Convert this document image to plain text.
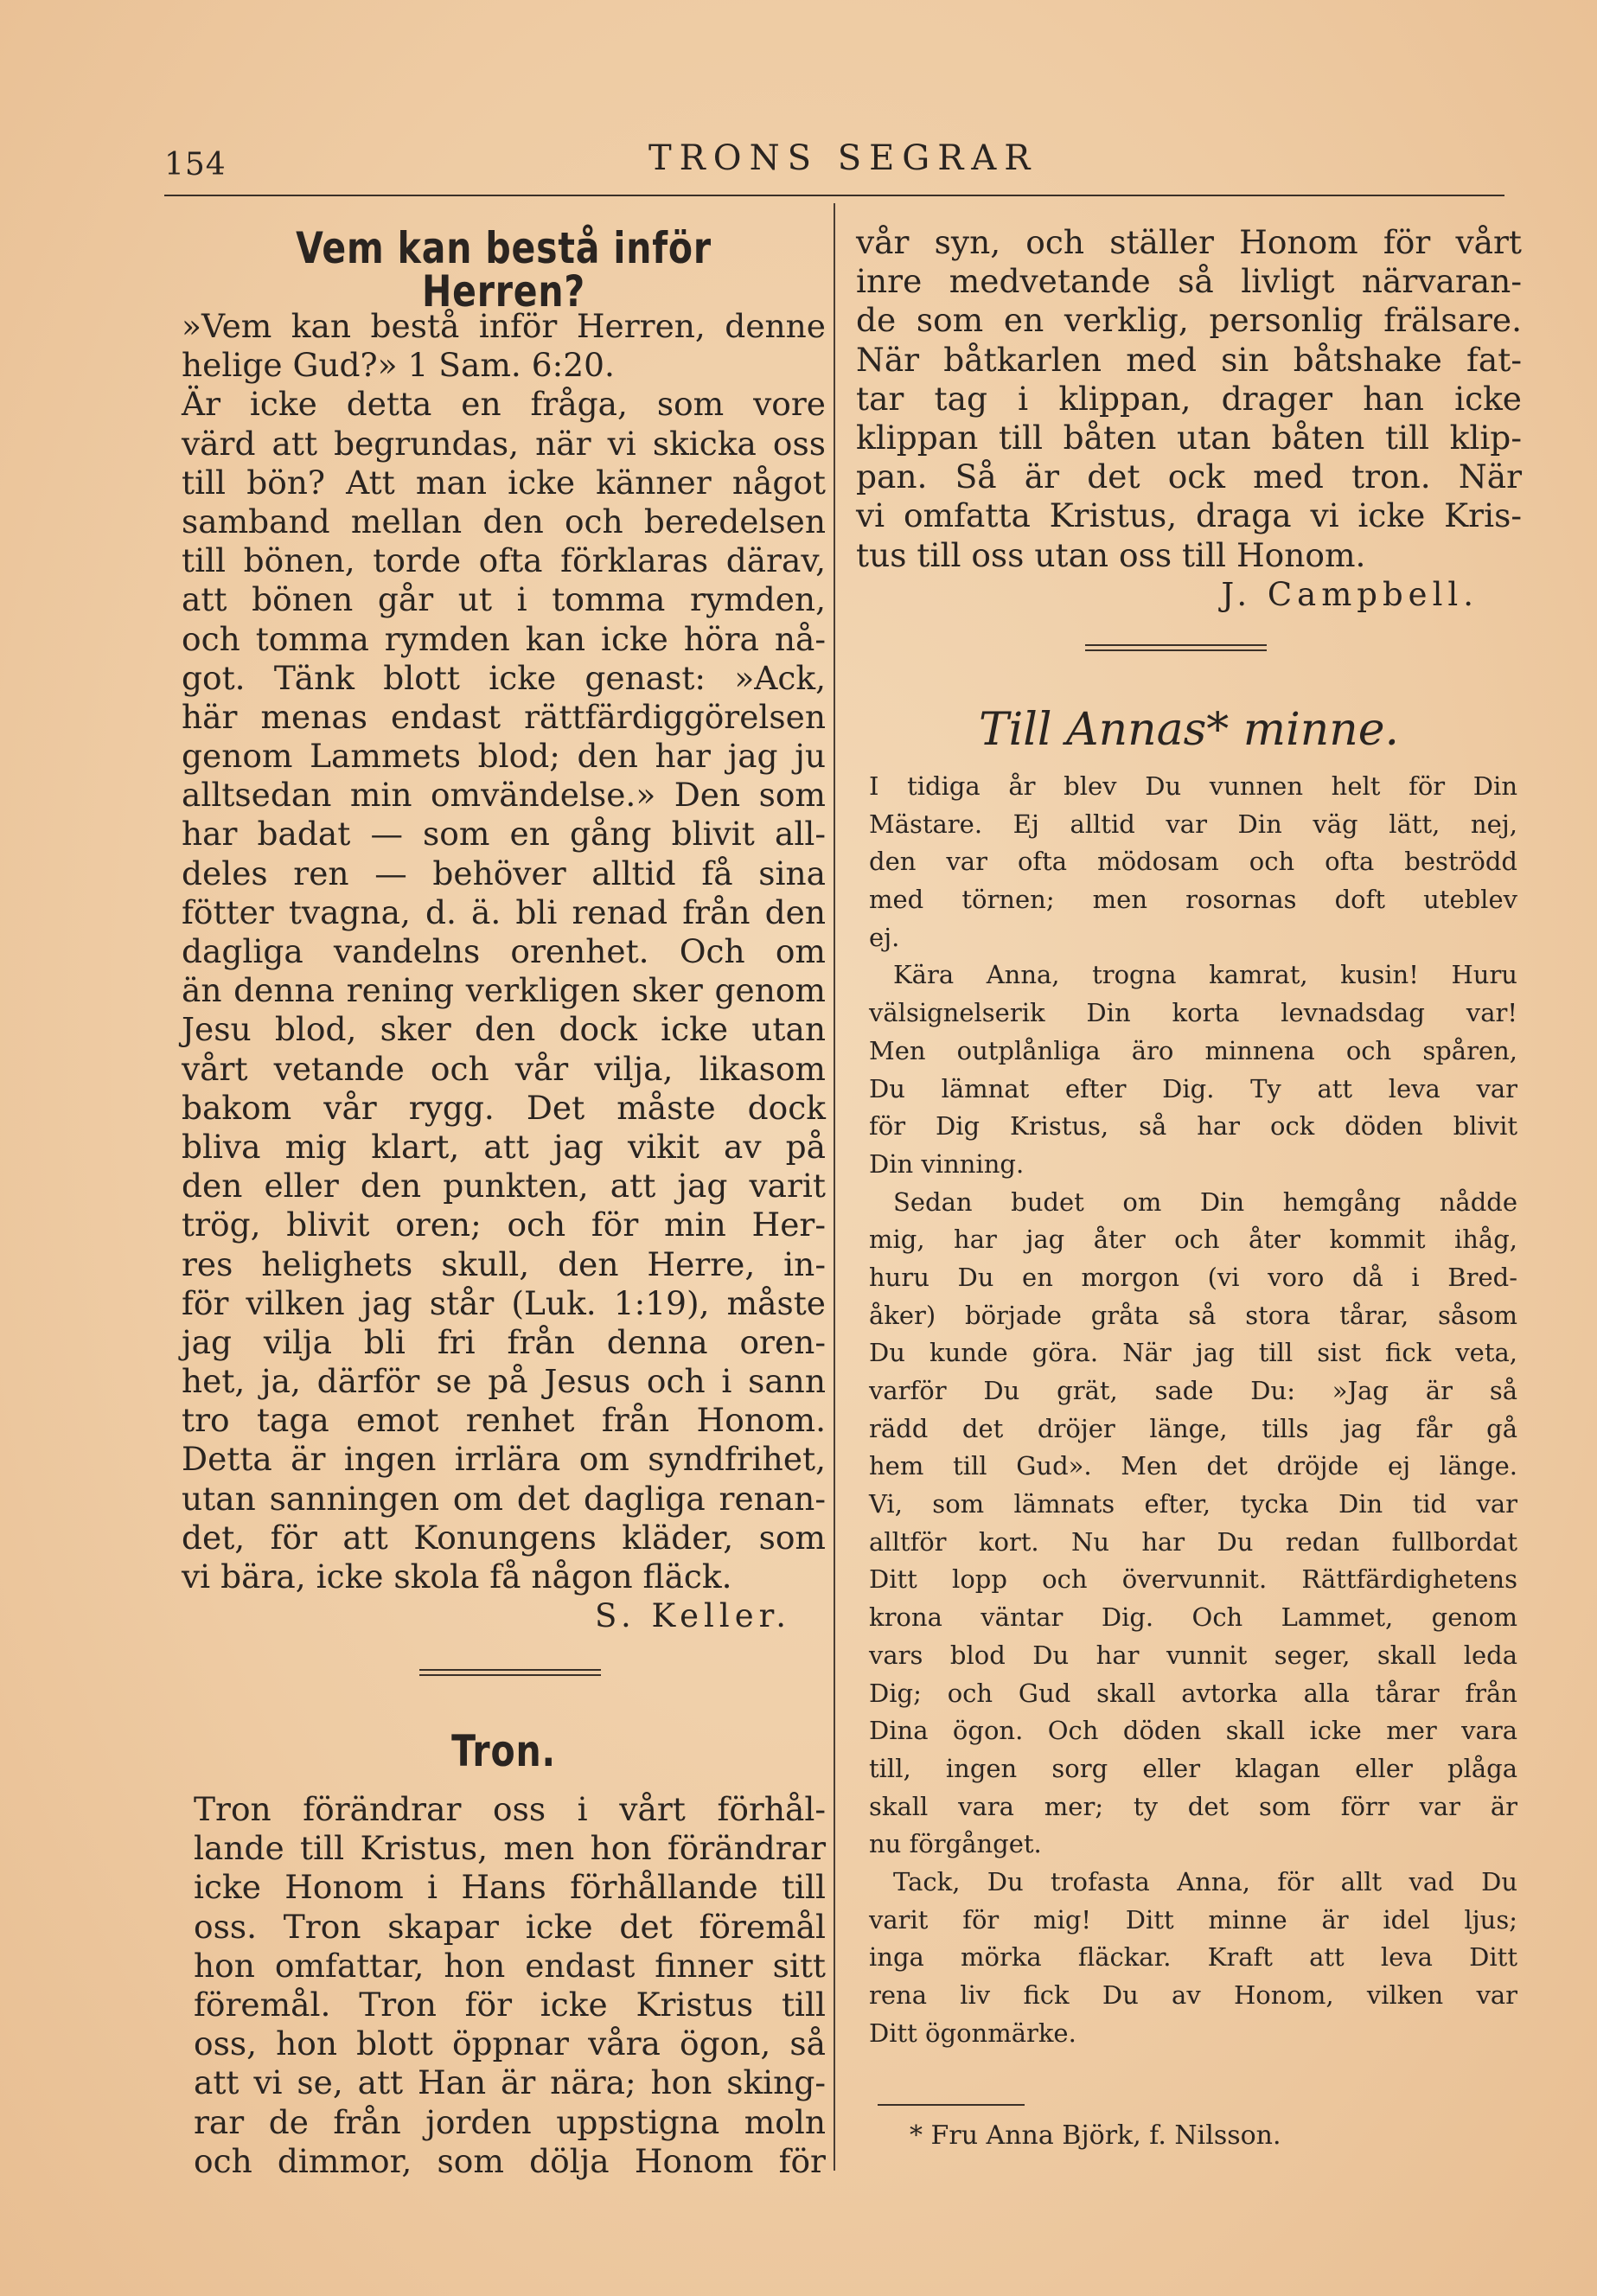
154	TRONS SEGRAR
Vem kan bestå inför Herren?
»Vem kan bestå inför Herren, denne
helige Gud?» 1 Sam. 6:20.
Är icke detta en fråga, som vore
värd att begrundas, när vi skicka oss
till bön? Att man icke känner något
samband mellan den och beredelsen
till bönen, torde ofta förklaras därav,
att bönen går ut i tomma rymden,
och tomma rymden kan icke höra nå-
got. Tänk blott icke genast: »Ack,
här menas endast rättfärdiggörelsen
genom Lammets blod; den har jag ju
alltsedan min omvändelse.» Den som
har badat — som en gång blivit all-
deles ren — behöver alltid få sina
fötter tvagna, d. ä. bli renad från den
dagliga vandelns orenhet. Och om
än denna rening verkligen sker genom
Jesu blod, sker den dock icke utan
vårt vetande och vår vilja, likasom
bakom vår rygg. Det måste dock
bliva mig klart, att jag vikit av på
den eller den punkten, att jag varit
trög, blivit oren; och för min Her-
res helighets skull, den Herre, in-
för vilken jag står (Luk. 1:19), måste
jag vilja bli fri från denna oren-
het, ja, därför se på Jesus och i sann
tro taga emot renhet från Honom.
Detta är ingen irrlära om syndfrihet,
utan sanningen om det dagliga renan-
det, för att Konungens kläder, som
vi bära, icke skola få någon fläck.
S. Keller.
Tron.
Tron förändrar oss i vårt förhål-
lande till Kristus, men hon förändrar
icke Honom i Hans förhållande till
oss. Tron skapar icke det föremål
hon omfattar, hon endast finner sitt
föremål. Tron för icke Kristus till
oss, hon blott öppnar våra ögon, så
att vi se, att Han är nära; hon sking-
rar de från jorden uppstigna moln
och dimmor, som dölja Honom för
vår syn, och ställer Honom för vårt
inre medvetande så livligt närvaran-
de som en verklig, personlig frälsare.
När båtkarlen med sin båtshake fat-
tar tag i klippan, drager han icke
klippan till båten utan båten till klip-
pan. Så är det ock med tron. När
vi omfatta Kristus, draga vi icke Kris-
tus till oss utan oss till Honom.
J. Campbell.
Till Annas* minne.
I tidiga år blev Du vunnen helt för Din
Mästare. Ej alltid var Din väg lätt, nej,
den var ofta mödosam och ofta beströdd
med törnen; men rosornas doft uteblev
ej.
Kära Anna, trogna kamrat, kusin! Huru
välsignelserik Din korta levnadsdag var!
Men outplånliga äro minnena och spåren,
Du lämnat efter Dig. Ty att leva var
för Dig Kristus, så har ock döden blivit
Din vinning.
Sedan budet om Din hemgång nådde
mig, har jag åter och åter kommit ihåg,
huru Du en morgon (vi voro då i Bred-
åker) började gråta så stora tårar, såsom
Du kunde göra. När jag till sist fick veta,
varför Du grät, sade Du: »Jag är så
rädd det dröjer länge, tills jag får gå
hem till Gud». Men det dröjde ej länge.
Vi, som lämnats efter, tycka Din tid var
alltför kort. Nu har Du redan fullbordat
Ditt lopp och övervunnit. Rättfärdighetens
krona väntar Dig. Och Lammet, genom
vars blod Du har vunnit seger, skall leda
Dig; och Gud skall avtorka alla tårar från
Dina ögon. Och döden skall icke mer vara
till, ingen sorg eller klagan eller plåga
skall vara mer; ty det som förr var är
nu förgånget.
Tack, Du trofasta Anna, för allt vad Du
varit för mig! Ditt minne är idel ljus;
inga mörka fläckar. Kraft att leva Ditt
rena liv fick Du av Honom, vilken var
Ditt ögonmärke.
* Fru Anna Björk, f. Nilsson.
